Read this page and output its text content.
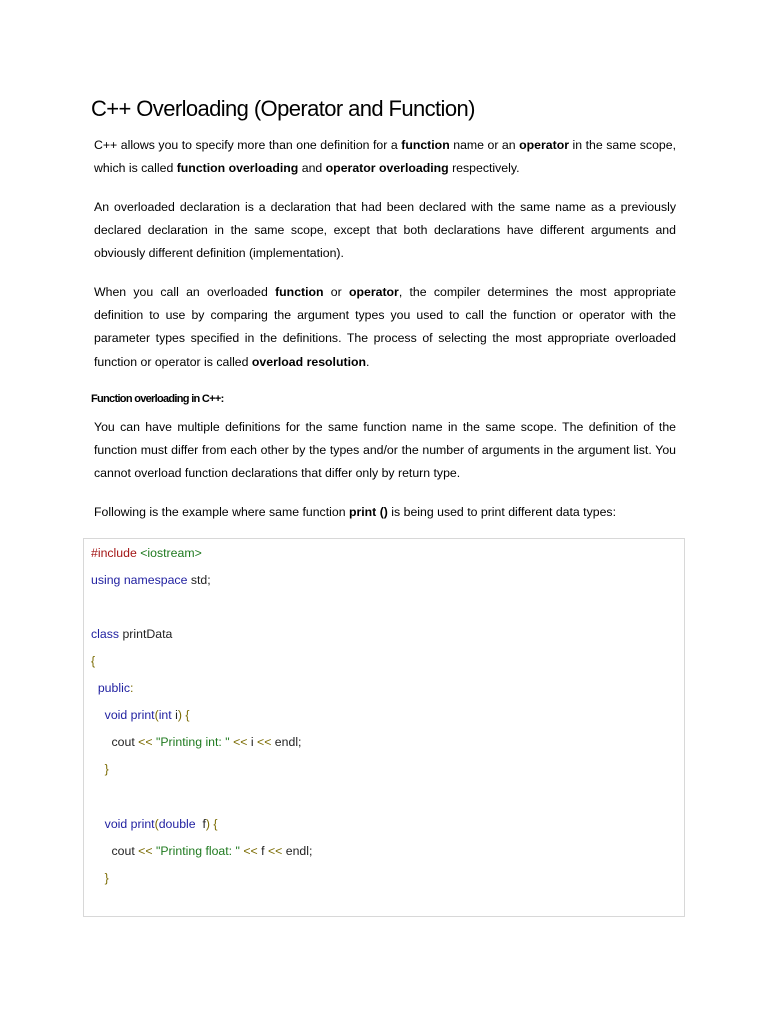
C++ Overloading (Operator and Function)

C++ allows you to specify more than one definition for a function name or an operator in the same scope, which is called function overloading and operator overloading respectively.

An overloaded declaration is a declaration that had been declared with the same name as a previously declared declaration in the same scope, except that both declarations have different arguments and obviously different definition (implementation).

When you call an overloaded function or operator, the compiler determines the most appropriate definition to use by comparing the argument types you used to call the function or operator with the parameter types specified in the definitions. The process of selecting the most appropriate overloaded function or operator is called overload resolution.

Function overloading in C++:

You can have multiple definitions for the same function name in the same scope. The definition of the function must differ from each other by the types and/or the number of arguments in the argument list. You cannot overload function declarations that differ only by return type.

Following is the example where same function print () is being used to print different data types:

#include <iostream>
using namespace std;
class printData
{
public:
void print(int i) {
cout << "Printing int: " << i << endl;
}
void print(double  f) {
cout << "Printing float: " << f << endl;
}
